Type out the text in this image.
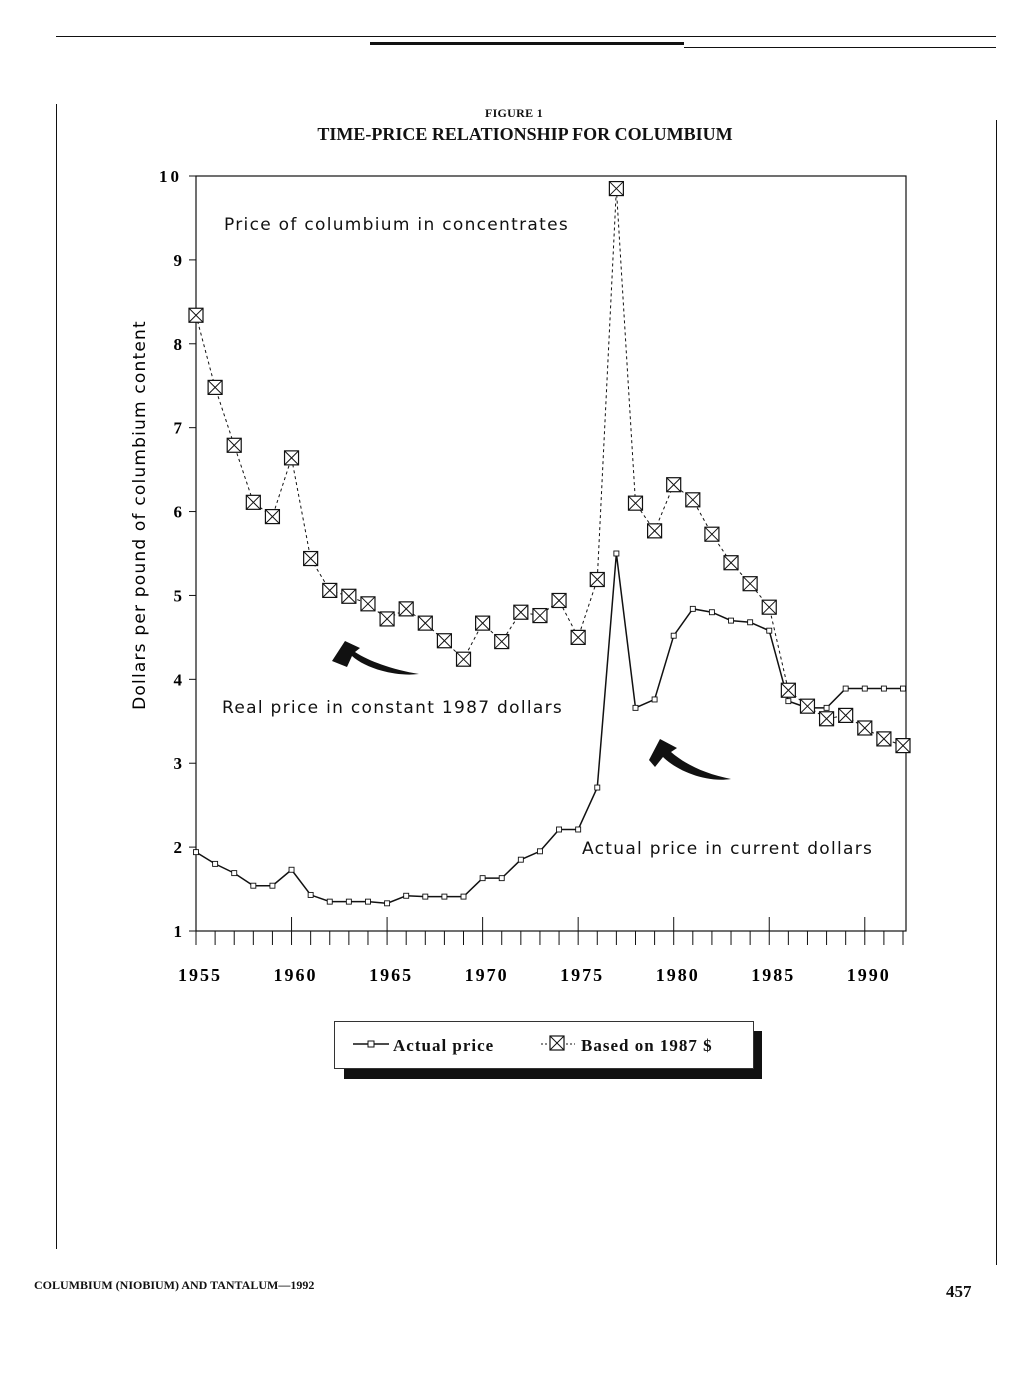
FIGURE 1
TIME-PRICE RELATIONSHIP FOR COLUMBIUM
1
2
3
4
5
6
7
8
9
10
1955	1960	1965	1970	1975	1980	1985	1990
Dollars per pound of columbium content
Price of columbium in concentrates
Real price in constant 1987 dollars
Actual price in current dollars
Actual price	Based on 1987 $
COLUMBIUM (NIOBIUM) AND TANTALUM—1992	457
